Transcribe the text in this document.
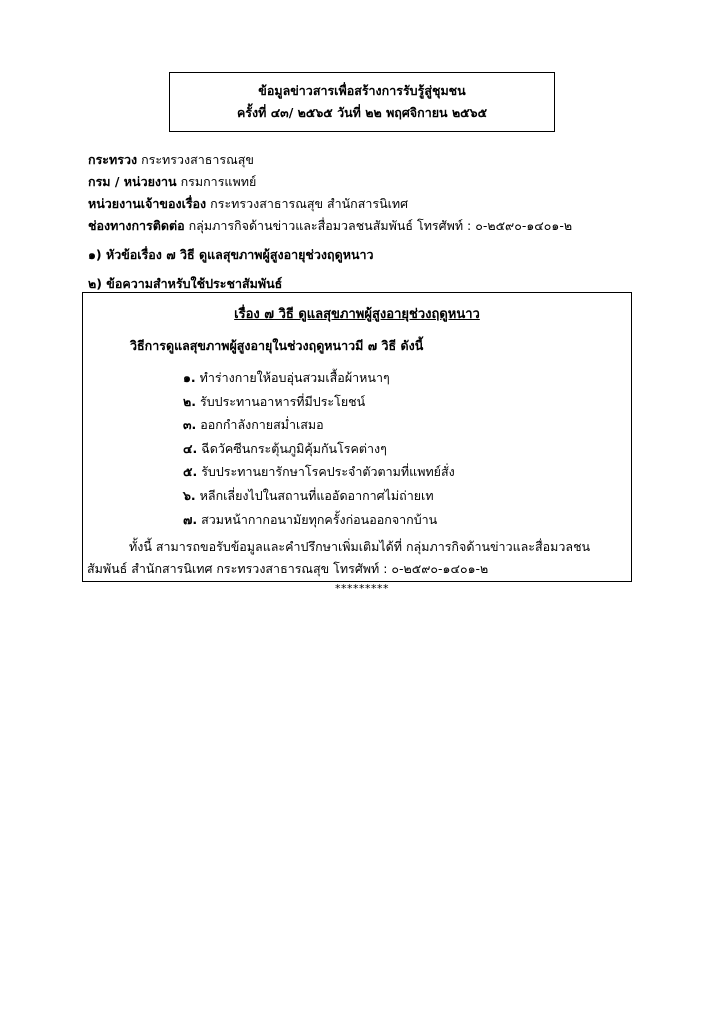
ข้อมูลข่าวสารเพื่อสร้างการรับรู้สู่ชุมชน
ครั้งที่ ๔๓/ ๒๕๖๕ วันที่ ๒๒ พฤศจิกายน ๒๕๖๕
กระทรวง กระทรวงสาธารณสุข
กรม / หน่วยงาน กรมการแพทย์
หน่วยงานเจ้าของเรื่อง กระทรวงสาธารณสุข สำนักสารนิเทศ
ช่องทางการติดต่อ กลุ่มภารกิจด้านข่าวและสื่อมวลชนสัมพันธ์ โทรศัพท์ : ๐-๒๕๙๐-๑๔๐๑-๒
๑) หัวข้อเรื่อง ๗ วิธี ดูแลสุขภาพผู้สูงอายุช่วงฤดูหนาว
๒) ข้อความสำหรับใช้ประชาสัมพันธ์
เรื่อง ๗ วิธี ดูแลสุขภาพผู้สูงอายุช่วงฤดูหนาว
วิธีการดูแลสุขภาพผู้สูงอายุในช่วงฤดูหนาวมี ๗ วิธี ดังนี้
๑. ทำร่างกายให้อบอุ่นสวมเสื้อผ้าหนาๆ
๒. รับประทานอาหารที่มีประโยชน์
๓. ออกกำลังกายสม่ำเสมอ
๔. ฉีดวัคซีนกระตุ้นภูมิคุ้มกันโรคต่างๆ
๕. รับประทานยารักษาโรคประจำตัวตามที่แพทย์สั่ง
๖. หลีกเลี่ยงไปในสถานที่แออัดอากาศไม่ถ่ายเท
๗. สวมหน้ากากอนามัยทุกครั้งก่อนออกจากบ้าน
ทั้งนี้ สามารถขอรับข้อมูลและคำปรึกษาเพิ่มเติมได้ที่ กลุ่มภารกิจด้านข่าวและสื่อมวลชนสัมพันธ์ สำนักสารนิเทศ กระทรวงสาธารณสุข โทรศัพท์ : ๐-๒๕๙๐-๑๔๐๑-๒
*********
